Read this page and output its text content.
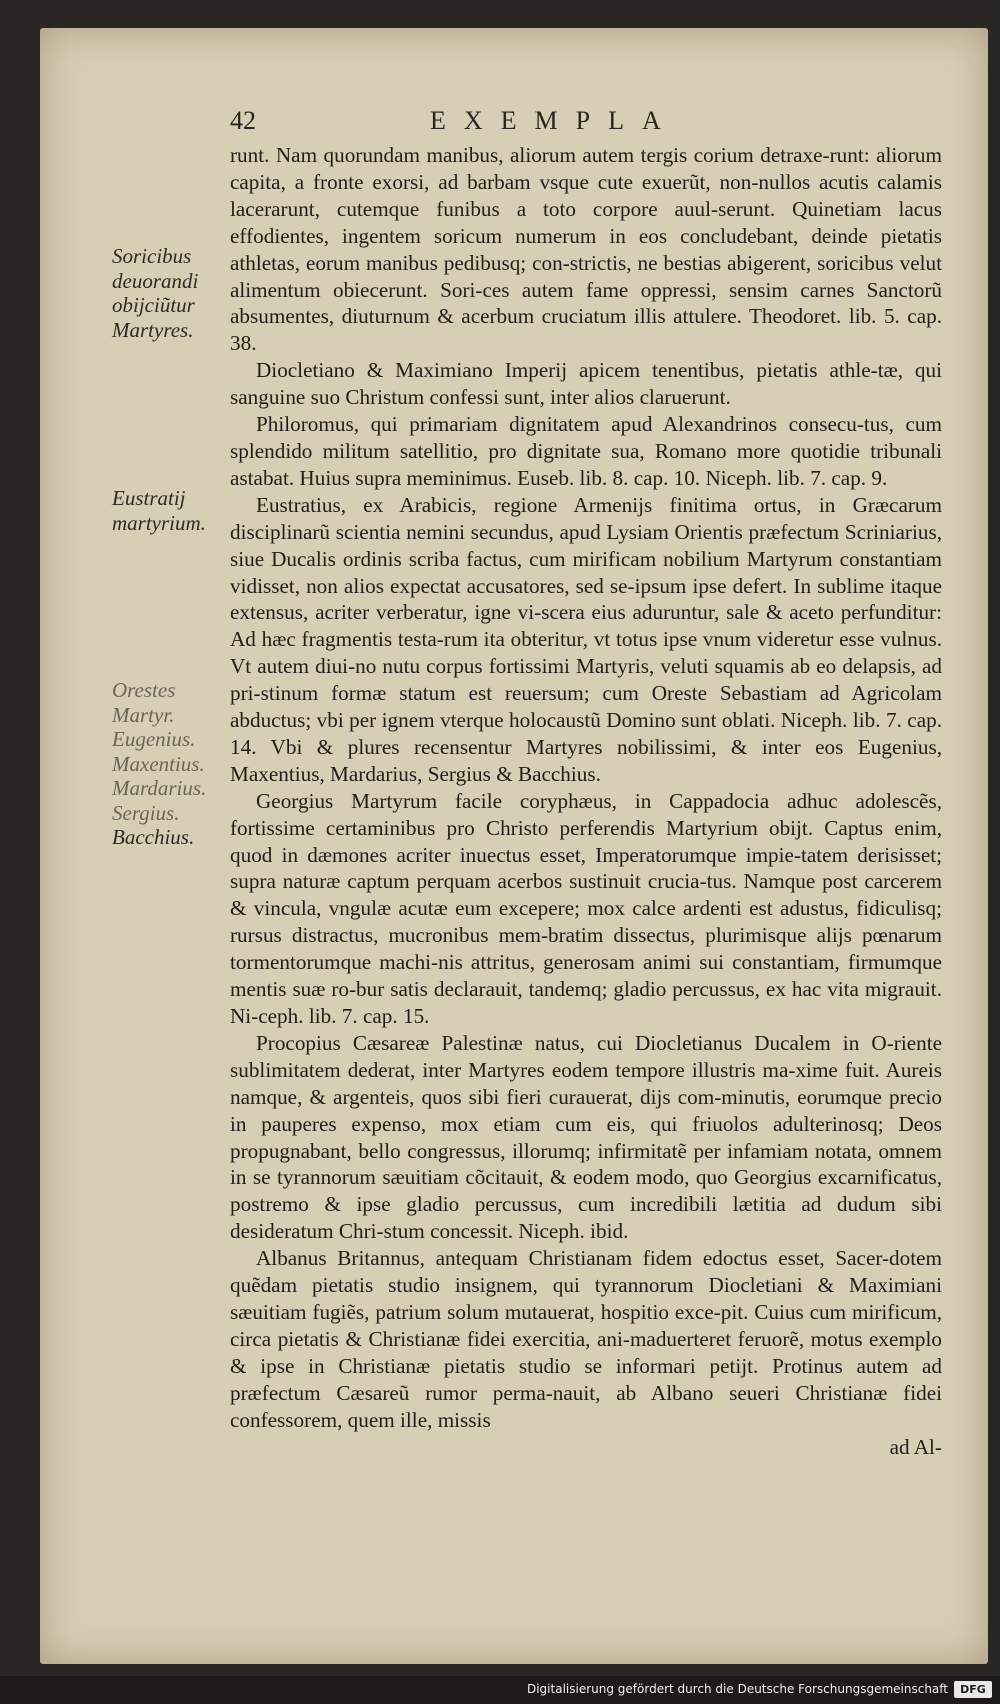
42	EXEMPLA
Soricibus
deuorandi
obijciũtur
Martyres.
Eustratij
martyrium.
Orestes
Martyr.
Eugenius.
Maxentius.
Mardarius.
Sergius.
Bacchius.

runt. Nam quorundam manibus, aliorum autem tergis corium detraxe-runt: aliorum capita, a fronte exorsi, ad barbam vsque cute exuerũt, non-nullos acutis calamis lacerarunt, cutemque funibus a toto corpore auul-serunt. Quinetiam lacus effodientes, ingentem soricum numerum in eos concludebant, deinde pietatis athletas, eorum manibus pedibusq; con-strictis, ne bestias abigerent, soricibus velut alimentum obiecerunt. Sori-ces autem fame oppressi, sensim carnes Sanctorũ absumentes, diuturnum & acerbum cruciatum illis attulere. Theodoret. lib. 5. cap. 38.

Diocletiano & Maximiano Imperij apicem tenentibus, pietatis athle-tæ, qui sanguine suo Christum confessi sunt, inter alios claruerunt.

Philoromus, qui primariam dignitatem apud Alexandrinos consecu-tus, cum splendido militum satellitio, pro dignitate sua, Romano more quotidie tribunali astabat. Huius supra meminimus. Euseb. lib. 8. cap. 10. Niceph. lib. 7. cap. 9.

Eustratius, ex Arabicis, regione Armenijs finitima ortus, in Græcarum disciplinarũ scientia nemini secundus, apud Lysiam Orientis præfectum Scriniarius, siue Ducalis ordinis scriba factus, cum mirificam nobilium Martyrum constantiam vidisset, non alios expectat accusatores, sed se-ipsum ipse defert. In sublime itaque extensus, acriter verberatur, igne vi-scera eius aduruntur, sale & aceto perfunditur: Ad hæc fragmentis testa-rum ita obteritur, vt totus ipse vnum videretur esse vulnus. Vt autem diui-no nutu corpus fortissimi Martyris, veluti squamis ab eo delapsis, ad pri-stinum formæ statum est reuersum; cum Oreste Sebastiam ad Agricolam abductus; vbi per ignem vterque holocaustũ Domino sunt oblati. Niceph. lib. 7. cap. 14. Vbi & plures recensentur Martyres nobilissimi, & inter eos Eugenius, Maxentius, Mardarius, Sergius & Bacchius.

Georgius Martyrum facile coryphæus, in Cappadocia adhuc adolescẽs, fortissime certaminibus pro Christo perferendis Martyrium obijt. Captus enim, quod in dæmones acriter inuectus esset, Imperatorumque impie-tatem derisisset; supra naturæ captum perquam acerbos sustinuit crucia-tus. Namque post carcerem & vincula, vngulæ acutæ eum excepere; mox calce ardenti est adustus, fidiculisq; rursus distractus, mucronibus mem-bratim dissectus, plurimisque alijs pœnarum tormentorumque machi-nis attritus, generosam animi sui constantiam, firmumque mentis suæ ro-bur satis declarauit, tandemq; gladio percussus, ex hac vita migrauit. Ni-ceph. lib. 7. cap. 15.

Procopius Cæsareæ Palestinæ natus, cui Diocletianus Ducalem in O-riente sublimitatem dederat, inter Martyres eodem tempore illustris ma-xime fuit. Aureis namque, & argenteis, quos sibi fieri curauerat, dijs com-minutis, eorumque precio in pauperes expenso, mox etiam cum eis, qui friuolos adulterinosq; Deos propugnabant, bello congressus, illorumq; infirmitatẽ per infamiam notata, omnem in se tyrannorum sæuitiam cõcitauit, & eodem modo, quo Georgius excarnificatus, postremo & ipse gladio percussus, cum incredibili lætitia ad dudum sibi desideratum Chri-stum concessit. Niceph. ibid.

Albanus Britannus, antequam Christianam fidem edoctus esset, Sacer-dotem quẽdam pietatis studio insignem, qui tyrannorum Diocletiani & Maximiani sæuitiam fugiẽs, patrium solum mutauerat, hospitio exce-pit. Cuius cum mirificum, circa pietatis & Christianæ fidei exercitia, ani-maduerteret feruorẽ, motus exemplo & ipse in Christianæ pietatis studio se informari petijt. Protinus autem ad præfectum Cæsareũ rumor perma-nauit, ab Albano seueri Christianæ fidei confessorem, quem ille, missis

ad Al-
Digitalisierung gefördert durch die Deutsche Forschungsgemeinschaft	DFG
